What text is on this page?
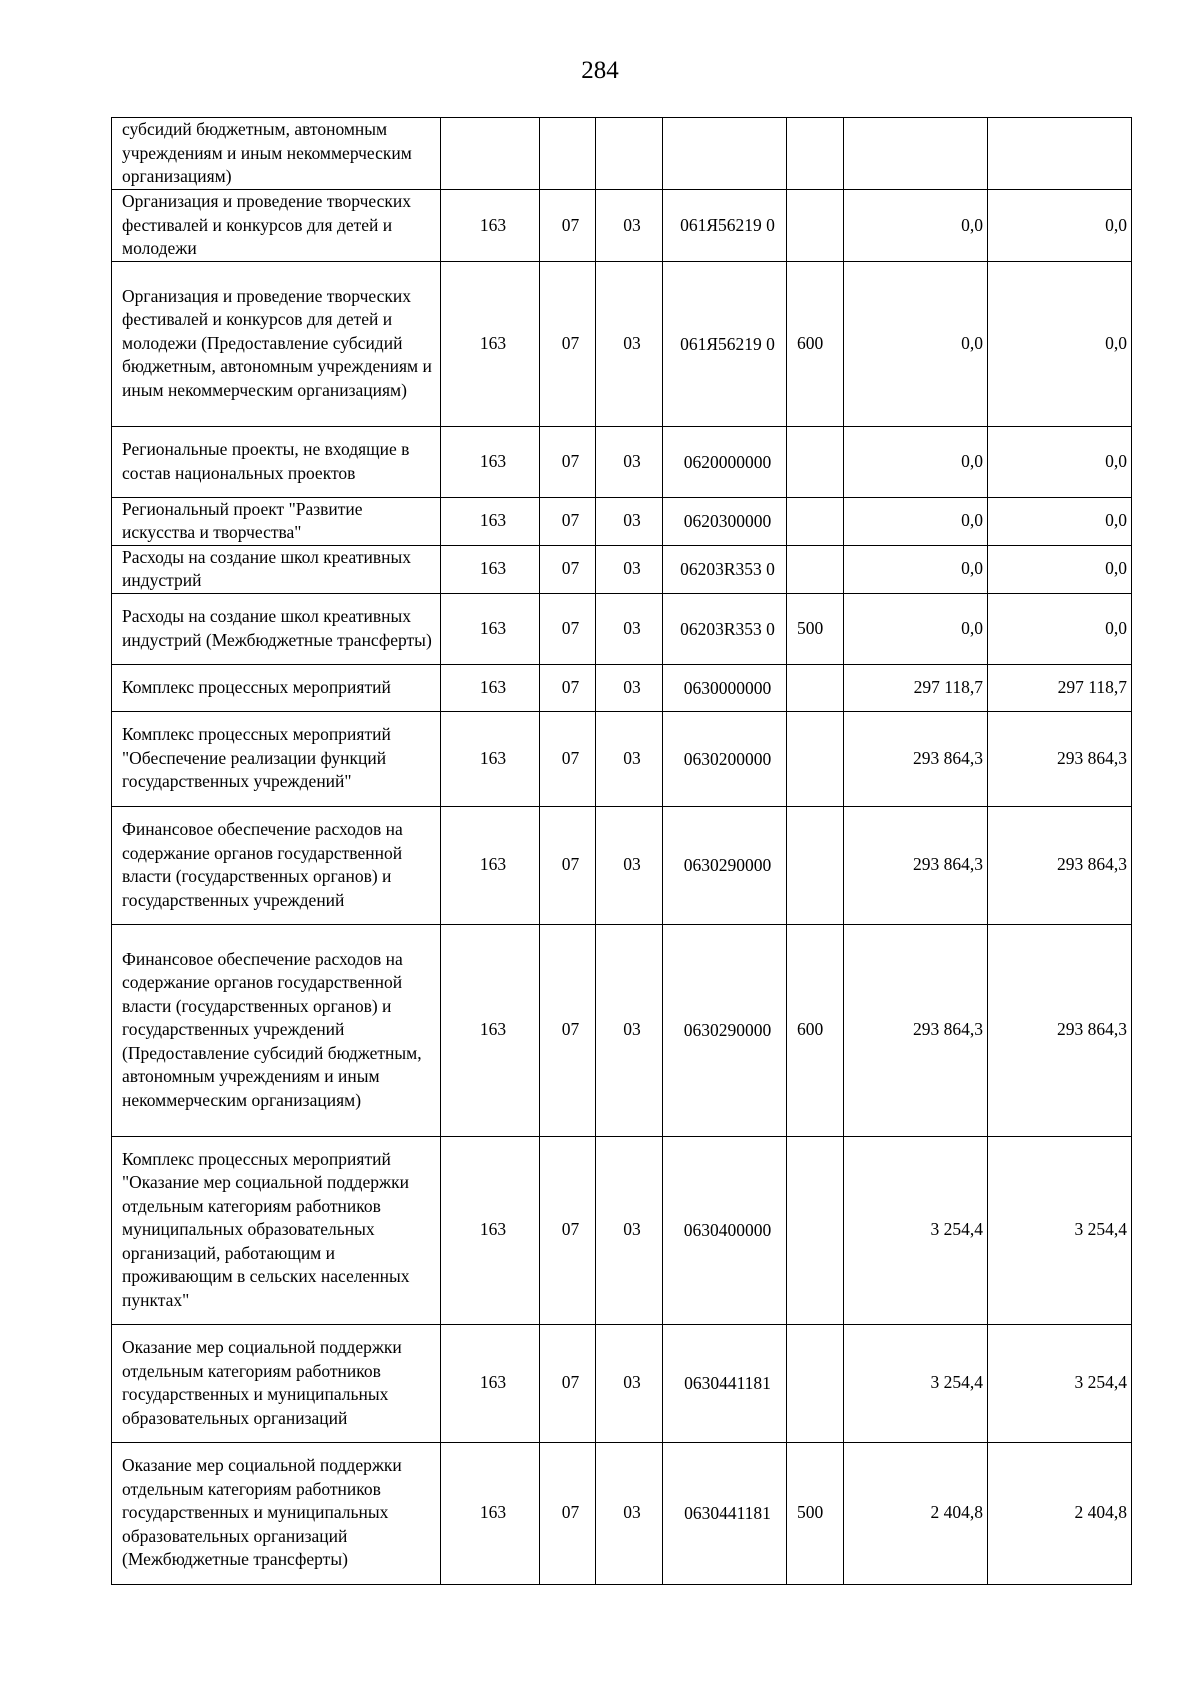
284
субсидий бюджетным, автономным учреждениям и иным некоммерческим организациям)							
Организация и проведение творческих фестивалей и конкурсов для детей и молодежи	163	07	03	061Я56219 0		0,0	0,0
Организация и проведение творческих фестивалей и конкурсов для детей и молодежи (Предоставление субсидий бюджетным, автономным учреждениям и иным некоммерческим организациям)	163	07	03	061Я56219 0	600	0,0	0,0
Региональные проекты, не входящие в состав национальных проектов	163	07	03	0620000000		0,0	0,0
Региональный проект "Развитие искусства и творчества"	163	07	03	0620300000		0,0	0,0
Расходы на создание школ креативных индустрий	163	07	03	06203R353 0		0,0	0,0
Расходы на создание школ креативных индустрий (Межбюджетные трансферты)	163	07	03	06203R353 0	500	0,0	0,0
Комплекс процессных мероприятий	163	07	03	0630000000		297 118,7	297 118,7
Комплекс процессных мероприятий "Обеспечение реализации функций государственных учреждений"	163	07	03	0630200000		293 864,3	293 864,3
Финансовое обеспечение расходов на содержание органов государственной власти (государственных органов) и государственных учреждений	163	07	03	0630290000		293 864,3	293 864,3
Финансовое обеспечение расходов на содержание органов государственной власти (государственных органов) и государственных учреждений (Предоставление субсидий бюджетным, автономным учреждениям и иным некоммерческим организациям)	163	07	03	0630290000	600	293 864,3	293 864,3
Комплекс процессных мероприятий "Оказание мер социальной поддержки отдельным категориям работников муниципальных образовательных организаций, работающим и проживающим в сельских населенных пунктах"	163	07	03	0630400000		3 254,4	3 254,4
Оказание мер социальной поддержки отдельным категориям работников государственных и муниципальных образовательных организаций	163	07	03	0630441181		3 254,4	3 254,4
Оказание мер социальной поддержки отдельным категориям работников государственных и муниципальных образовательных организаций (Межбюджетные трансферты)	163	07	03	0630441181	500	2 404,8	2 404,8
